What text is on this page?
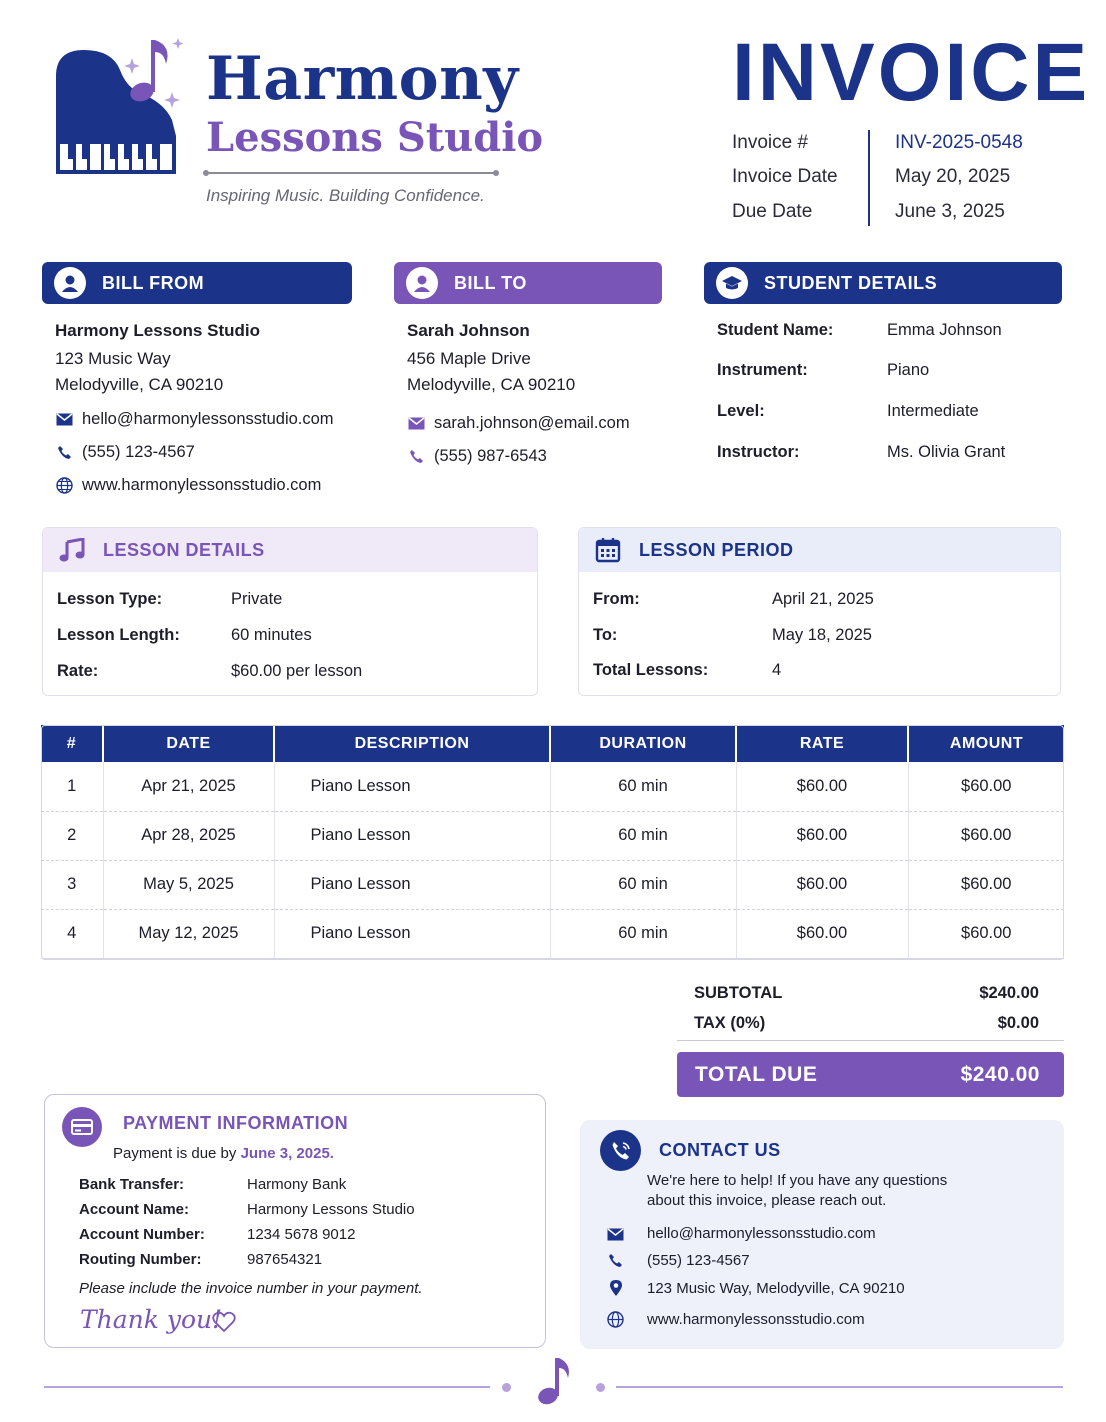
Harmony
Lessons Studio
Inspiring Music. Building Confidence.
INVOICE
Invoice #	INV-2025-0548
Invoice Date	May 20, 2025
Due Date	June 3, 2025
BILL FROM
Harmony Lessons Studio
123 Music Way
Melodyville, CA 90210
hello@harmonylessonsstudio.com
(555) 123-4567
www.harmonylessonsstudio.com
BILL TO
Sarah Johnson
456 Maple Drive
Melodyville, CA 90210
sarah.johnson@email.com
(555) 987-6543
STUDENT DETAILS
Student Name:	Emma Johnson
Instrument:	Piano
Level:	Intermediate
Instructor:	Ms. Olivia Grant
LESSON DETAILS
Lesson Type:	Private
Lesson Length:	60 minutes
Rate:	$60.00 per lesson
LESSON PERIOD
From:	April 21, 2025
To:	May 18, 2025
Total Lessons:	4
#	DATE	DESCRIPTION	DURATION	RATE	AMOUNT
1	Apr 21, 2025	Piano Lesson	60 min	$60.00	$60.00
2	Apr 28, 2025	Piano Lesson	60 min	$60.00	$60.00
3	May 5, 2025	Piano Lesson	60 min	$60.00	$60.00
4	May 12, 2025	Piano Lesson	60 min	$60.00	$60.00
SUBTOTAL	$240.00
TAX (0%)	$0.00
TOTAL DUE	$240.00
PAYMENT INFORMATION
Payment is due by June 3, 2025.
Bank Transfer:	Harmony Bank
Account Name:	Harmony Lessons Studio
Account Number:	1234 5678 9012
Routing Number:	987654321
Please include the invoice number in your payment.
Thank you!
CONTACT US
We're here to help! If you have any questions
about this invoice, please reach out.
hello@harmonylessonsstudio.com
(555) 123-4567
123 Music Way, Melodyville, CA 90210
www.harmonylessonsstudio.com
